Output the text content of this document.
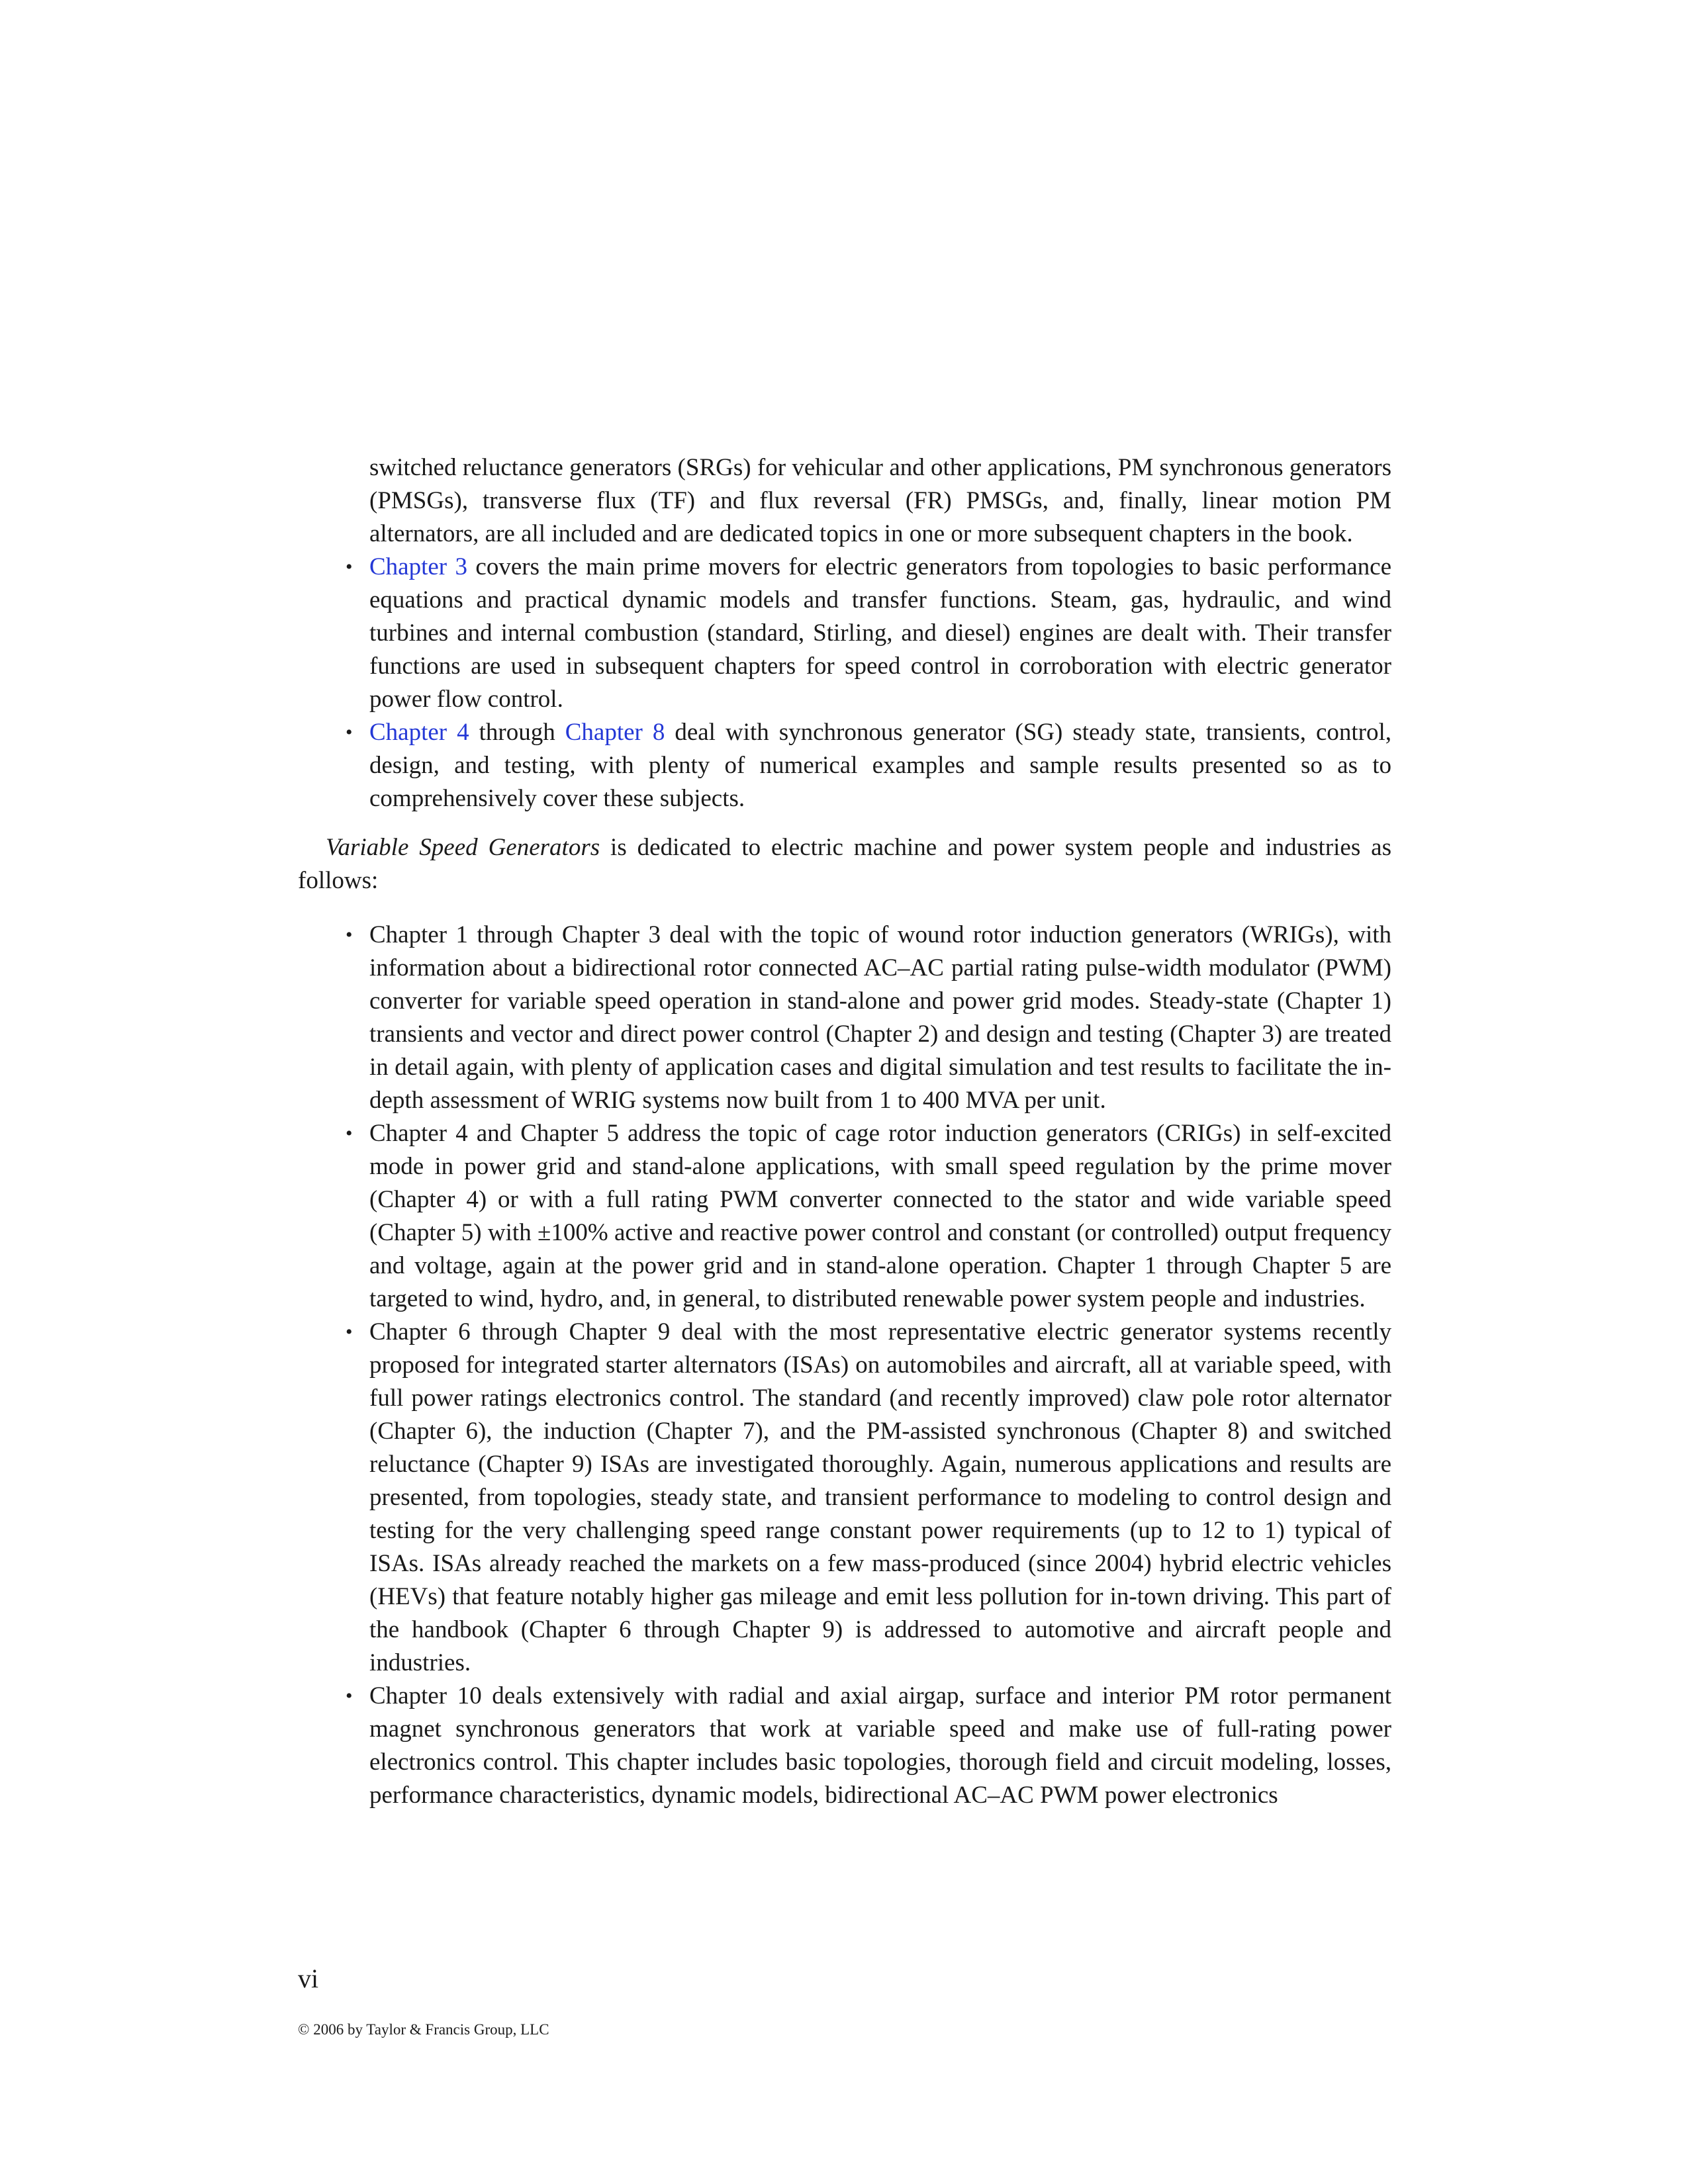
switched reluctance generators (SRGs) for vehicular and other applications, PM synchronous generators (PMSGs), transverse flux (TF) and flux reversal (FR) PMSGs, and, finally, linear motion PM alternators, are all included and are dedicated topics in one or more subsequent chapters in the book.
• Chapter 3 covers the main prime movers for electric generators from topologies to basic performance equations and practical dynamic models and transfer functions. Steam, gas, hydraulic, and wind turbines and internal combustion (standard, Stirling, and diesel) engines are dealt with. Their transfer functions are used in subsequent chapters for speed control in corroboration with electric generator power flow control.
• Chapter 4 through Chapter 8 deal with synchronous generator (SG) steady state, transients, control, design, and testing, with plenty of numerical examples and sample results presented so as to comprehensively cover these subjects.

Variable Speed Generators is dedicated to electric machine and power system people and industries as follows:

• Chapter 1 through Chapter 3 deal with the topic of wound rotor induction generators (WRIGs), with information about a bidirectional rotor connected AC–AC partial rating pulse-width modulator (PWM) converter for variable speed operation in stand-alone and power grid modes. Steady-state (Chapter 1) transients and vector and direct power control (Chapter 2) and design and testing (Chapter 3) are treated in detail again, with plenty of application cases and digital simulation and test results to facilitate the in-depth assessment of WRIG systems now built from 1 to 400 MVA per unit.
• Chapter 4 and Chapter 5 address the topic of cage rotor induction generators (CRIGs) in self-excited mode in power grid and stand-alone applications, with small speed regulation by the prime mover (Chapter 4) or with a full rating PWM converter connected to the stator and wide variable speed (Chapter 5) with ±100% active and reactive power control and constant (or controlled) output frequency and voltage, again at the power grid and in stand-alone operation. Chapter 1 through Chapter 5 are targeted to wind, hydro, and, in general, to distributed renewable power system people and industries.
• Chapter 6 through Chapter 9 deal with the most representative electric generator systems recently proposed for integrated starter alternators (ISAs) on automobiles and aircraft, all at variable speed, with full power ratings electronics control. The standard (and recently improved) claw pole rotor alternator (Chapter 6), the induction (Chapter 7), and the PM-assisted synchronous (Chapter 8) and switched reluctance (Chapter 9) ISAs are investigated thoroughly. Again, numerous applications and results are presented, from topologies, steady state, and transient performance to modeling to control design and testing for the very challenging speed range constant power requirements (up to 12 to 1) typical of ISAs. ISAs already reached the markets on a few mass-produced (since 2004) hybrid electric vehicles (HEVs) that feature notably higher gas mileage and emit less pollution for in-town driving. This part of the handbook (Chapter 6 through Chapter 9) is addressed to automotive and aircraft people and industries.
• Chapter 10 deals extensively with radial and axial airgap, surface and interior PM rotor permanent magnet synchronous generators that work at variable speed and make use of full-rating power electronics control. This chapter includes basic topologies, thorough field and circuit modeling, losses, performance characteristics, dynamic models, bidirectional AC–AC PWM power electronics
vi
© 2006 by Taylor & Francis Group, LLC
